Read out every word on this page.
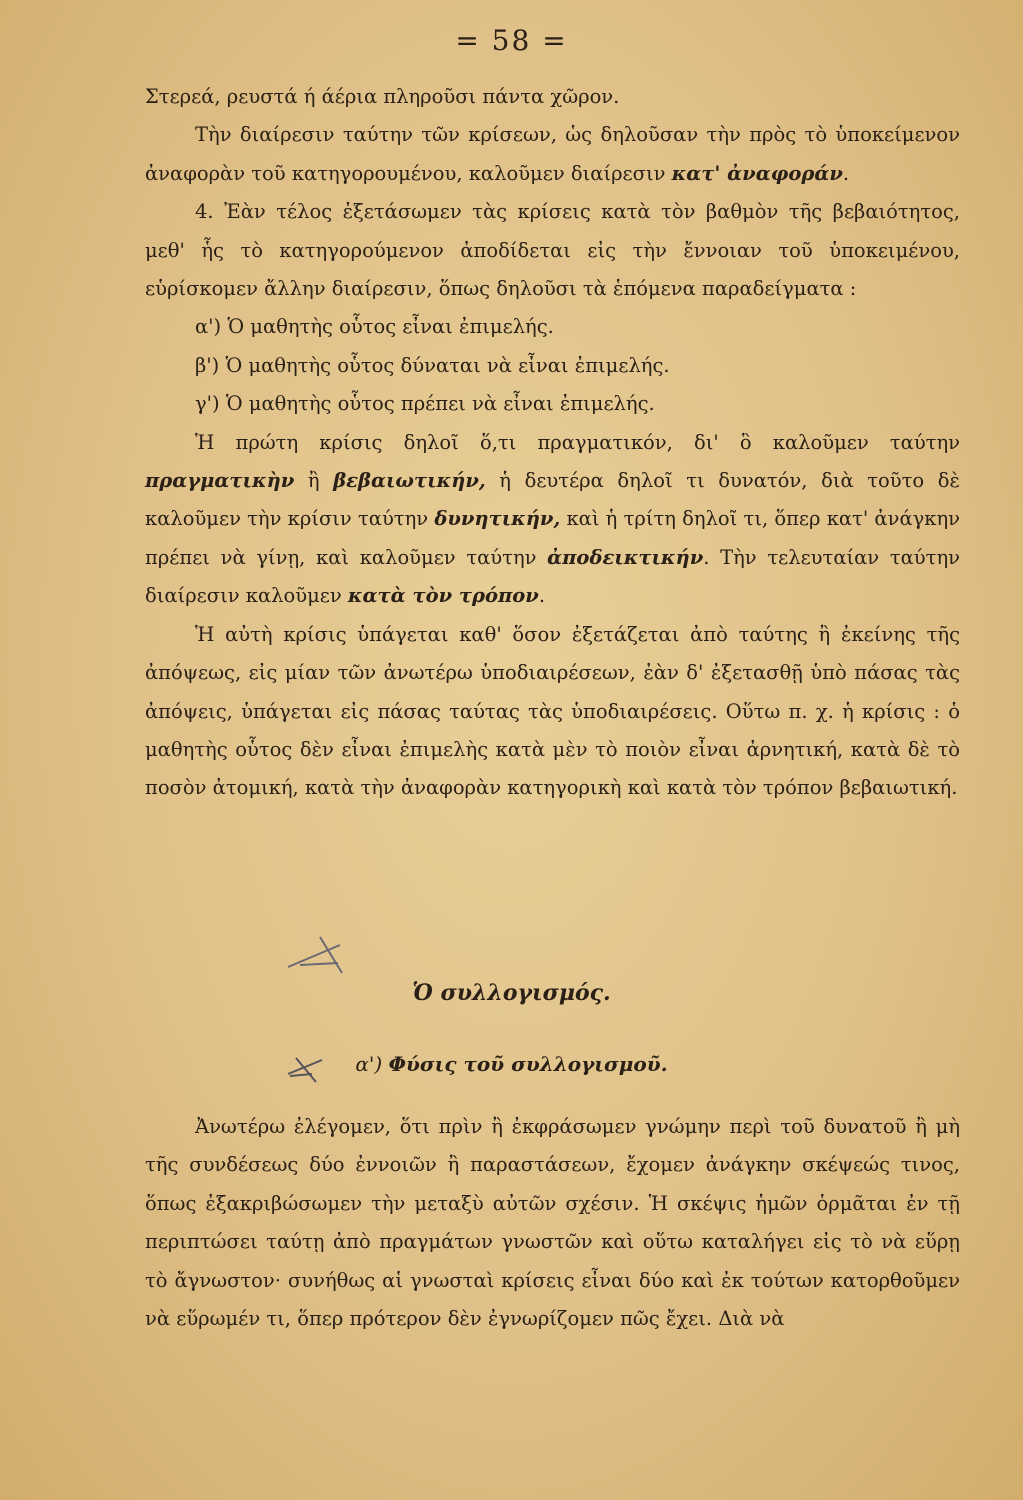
= 58 =

Στερεά, ρευστά ή άέρια πληροῦσι πάντα χῶρον.

Τὴν διαίρεσιν ταύτην τῶν κρίσεων, ὡς δηλοῦσαν τὴν πρὸς τὸ ὑποκείμενον ἀναφορὰν τοῦ κατηγορουμένου, καλοῦμεν διαίρεσιν κατ' ἀναφοράν.

4. Ἐὰν τέλος ἐξετάσωμεν τὰς κρίσεις κατὰ τὸν βαθμὸν τῆς βεβαιότητος, μεθ' ἧς τὸ κατηγορούμενον ἀποδίδεται εἰς τὴν ἔννοιαν τοῦ ὑποκειμένου, εὑρίσκομεν ἄλλην διαίρεσιν, ὅπως δηλοῦσι τὰ ἑπόμενα παραδείγματα :

α') Ὁ μαθητὴς οὗτος εἶναι ἐπιμελής.

β') Ὁ μαθητὴς οὗτος δύναται νὰ εἶναι ἐπιμελής.

γ') Ὁ μαθητὴς οὗτος πρέπει νὰ εἶναι ἐπιμελής.

Ἡ πρώτη κρίσις δηλοῖ ὅ,τι πραγματικόν, δι' ὃ καλοῦμεν ταύτην πραγματικὴν ἢ βεβαιωτικήν, ἡ δευτέρα δηλοῖ τι δυνατόν, διὰ τοῦτο δὲ καλοῦμεν τὴν κρίσιν ταύτην δυνητικήν, καὶ ἡ τρίτη δηλοῖ τι, ὅπερ κατ' ἀνάγκην πρέπει νὰ γίνῃ, καὶ καλοῦμεν ταύτην ἀποδεικτικήν. Τὴν τελευταίαν ταύτην διαίρεσιν καλοῦμεν κατὰ τὸν τρόπον.

Ἡ αὐτὴ κρίσις ὑπάγεται καθ' ὅσον ἐξετάζεται ἀπὸ ταύτης ἢ ἐκείνης τῆς ἀπόψεως, εἰς μίαν τῶν ἀνωτέρω ὑποδιαιρέσεων, ἐὰν δ' ἐξετασθῇ ὑπὸ πάσας τὰς ἀπόψεις, ὑπάγεται εἰς πάσας ταύτας τὰς ὑποδιαιρέσεις. Οὕτω π. χ. ἡ κρίσις : ὁ μαθητὴς οὗτος δὲν εἶναι ἐπιμελὴς κατὰ μὲν τὸ ποιὸν εἶναι ἀρνητική, κατὰ δὲ τὸ ποσὸν ἀτομική, κατὰ τὴν ἀναφορὰν κατηγορικὴ καὶ κατὰ τὸν τρόπον βεβαιωτική.

Ὁ συλλογισμός.
α') Φύσις τοῦ συλλογισμοῦ.

Ἀνωτέρω ἐλέγομεν, ὅτι πρὶν ἢ ἐκφράσωμεν γνώμην περὶ τοῦ δυνατοῦ ἢ μὴ τῆς συνδέσεως δύο ἐννοιῶν ἢ παραστάσεων, ἔχομεν ἀνάγκην σκέψεώς τινος, ὅπως ἐξακριβώσωμεν τὴν μεταξὺ αὐτῶν σχέσιν. Ἡ σκέψις ἡμῶν ὁρμᾶται ἐν τῇ περιπτώσει ταύτῃ ἀπὸ πραγμάτων γνωστῶν καὶ οὕτω καταλήγει εἰς τὸ νὰ εὕρῃ τὸ ἄγνωστον· συνήθως αἱ γνωσταὶ κρίσεις εἶναι δύο καὶ ἐκ τούτων κατορθοῦμεν νὰ εὕρωμέν τι, ὅπερ πρότερον δὲν ἐγνωρίζομεν πῶς ἔχει. Διὰ νὰ
